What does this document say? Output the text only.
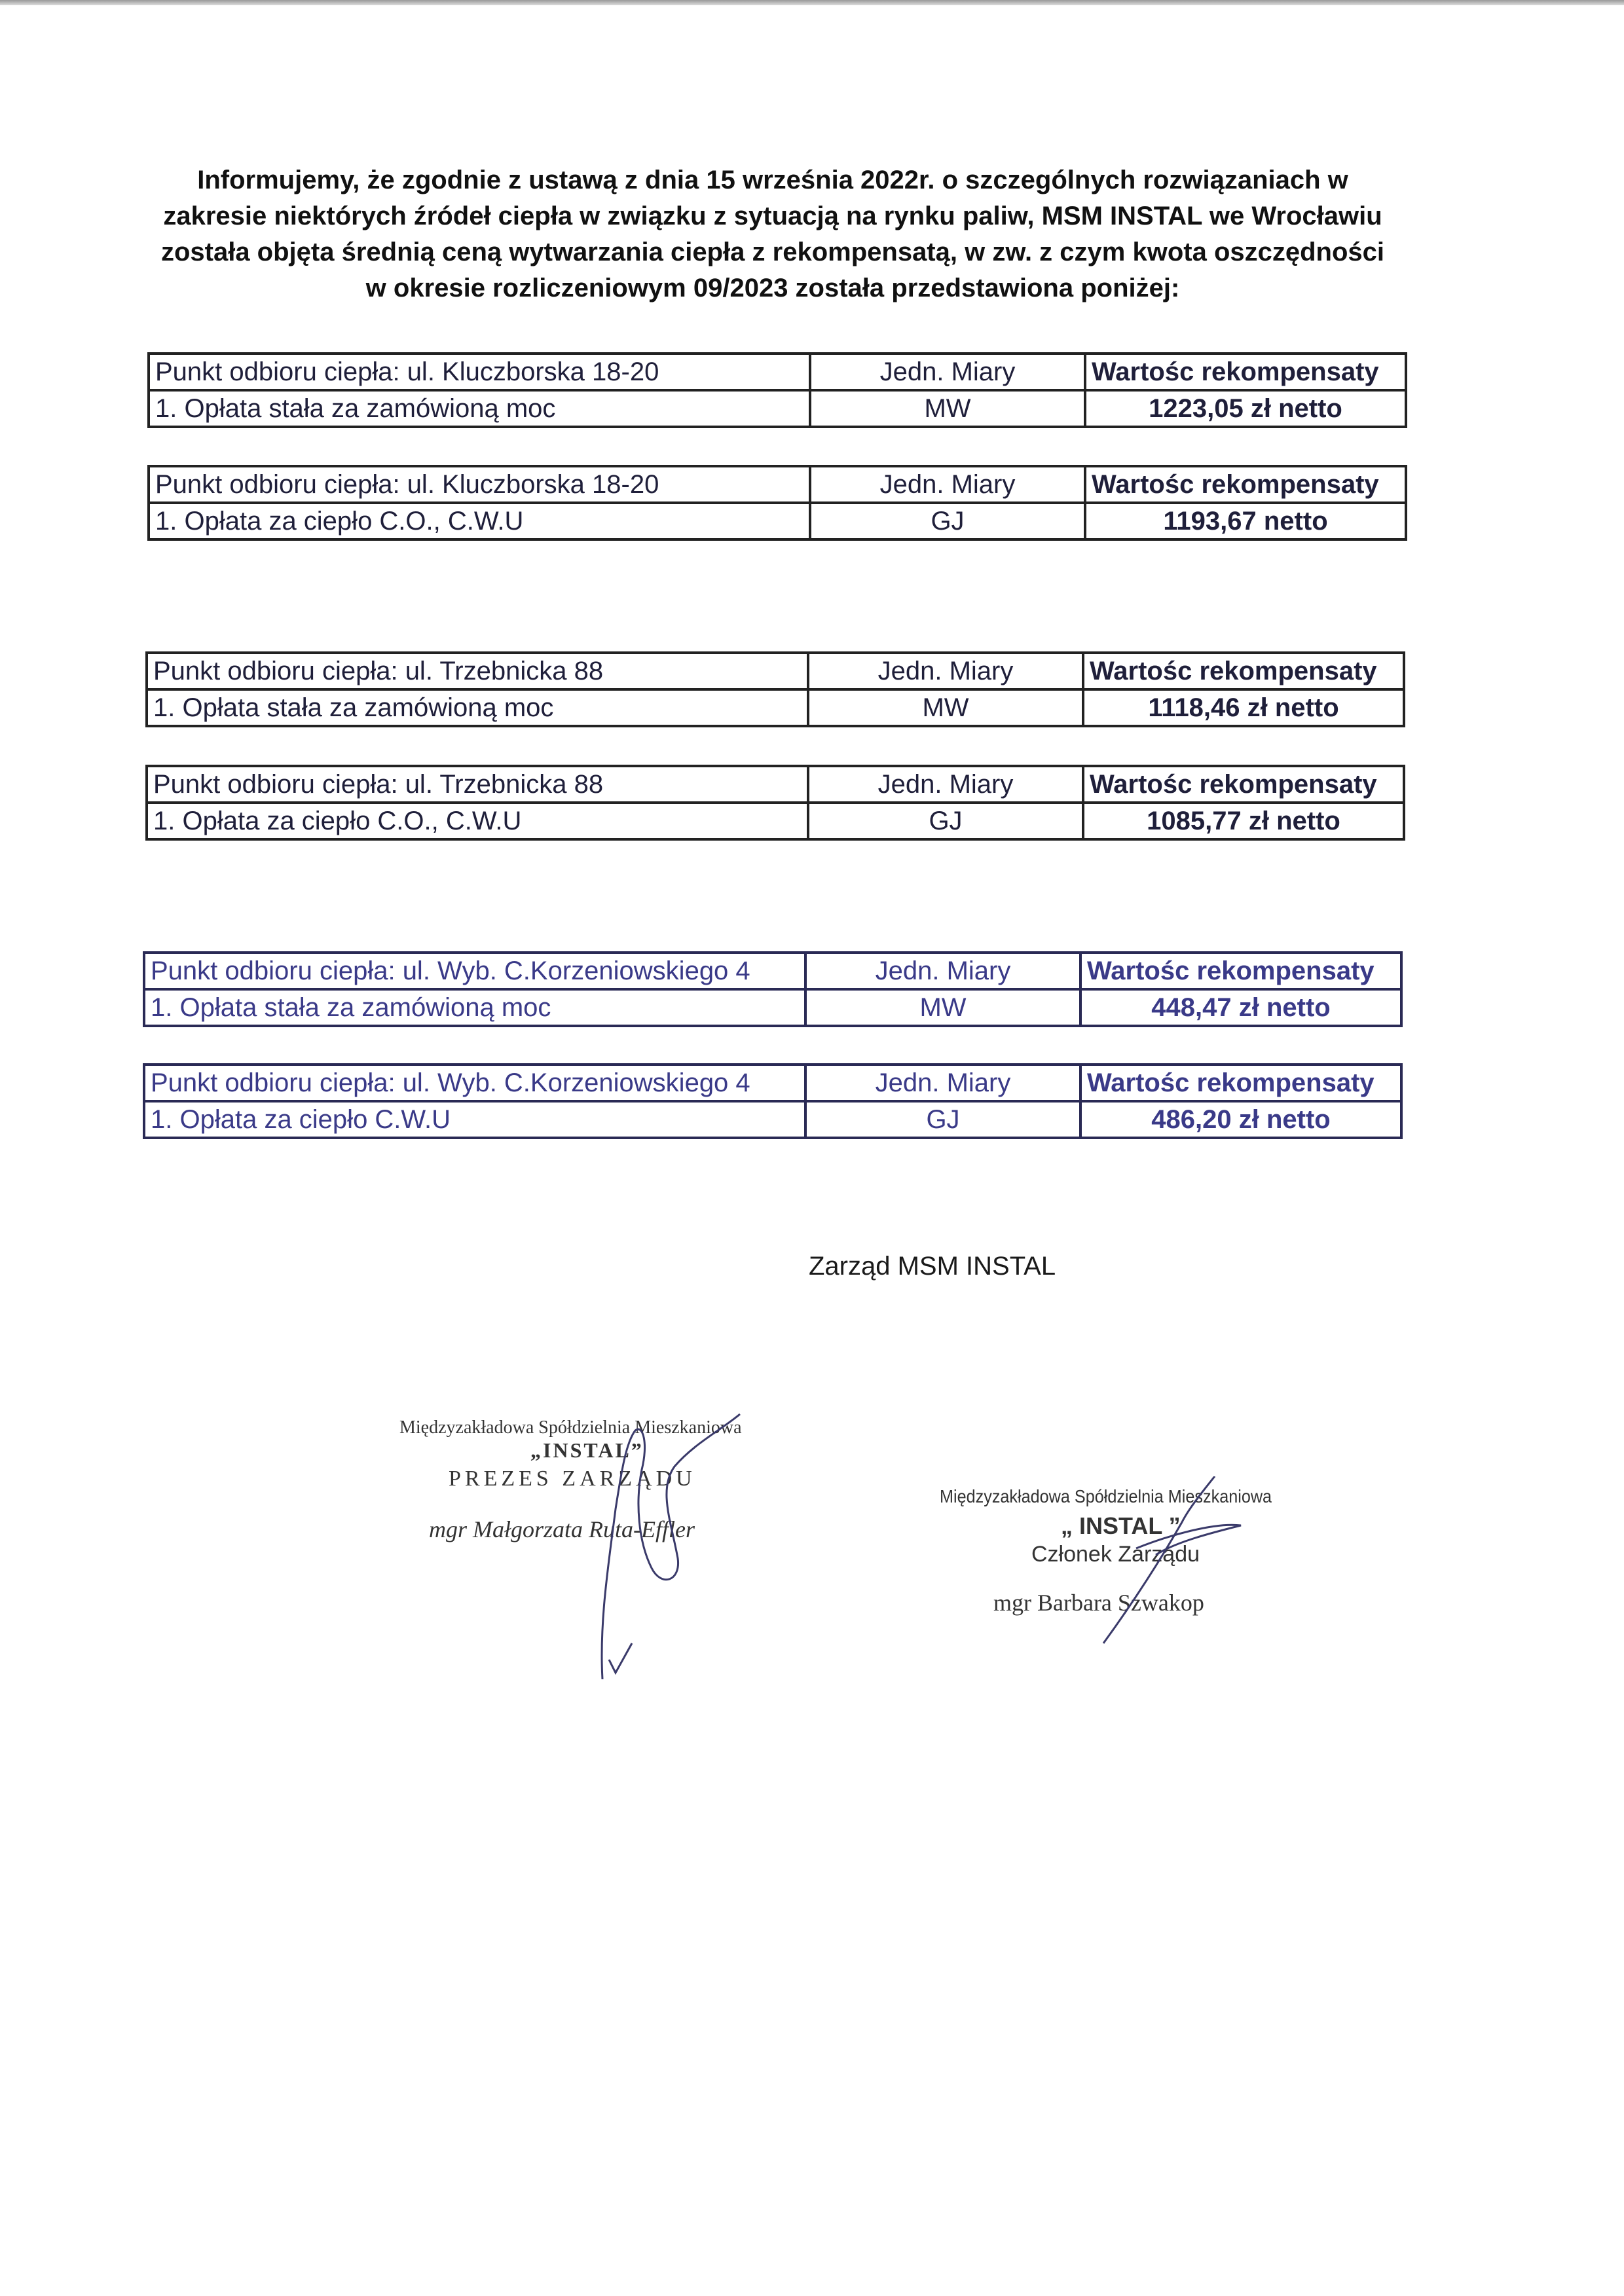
Informujemy, że zgodnie z ustawą z dnia 15 września 2022r. o szczególnych rozwiązaniach w zakresie niektórych źródeł ciepła w związku z sytuacją na rynku paliw, MSM INSTAL we Wrocławiu została objęta średnią ceną wytwarzania ciepła z rekompensatą, w zw. z czym kwota oszczędności w okresie rozliczeniowym 09/2023 została przedstawiona poniżej:
Punkt odbioru ciepła: ul. Kluczborska 18-20	Jedn. Miary	Wartośc rekompensaty
1. Opłata stała za zamówioną moc	MW	1223,05 zł netto
Punkt odbioru ciepła: ul. Kluczborska 18-20	Jedn. Miary	Wartośc rekompensaty
1. Opłata za ciepło C.O., C.W.U	GJ	1193,67 netto
Punkt odbioru ciepła: ul. Trzebnicka 88	Jedn. Miary	Wartośc rekompensaty
1. Opłata stała za zamówioną moc	MW	1118,46 zł netto
Punkt odbioru ciepła: ul. Trzebnicka 88	Jedn. Miary	Wartośc rekompensaty
1. Opłata za ciepło C.O., C.W.U	GJ	1085,77 zł netto
Punkt odbioru ciepła: ul. Wyb. C.Korzeniowskiego 4	Jedn. Miary	Wartośc rekompensaty
1. Opłata stała za zamówioną moc	MW	448,47 zł netto
Punkt odbioru ciepła: ul. Wyb. C.Korzeniowskiego 4	Jedn. Miary	Wartośc rekompensaty
1. Opłata za ciepło C.W.U	GJ	486,20 zł netto
Zarząd MSM INSTAL
Międzyzakładowa Spółdzielnia Mieszkaniowa
„INSTAL”
PREZES ZARZĄDU
mgr Małgorzata Ruta-Effler
Międzyzakładowa Spółdzielnia Mieszkaniowa
„ INSTAL ”
Członek Zarządu
mgr Barbara Szwakop
